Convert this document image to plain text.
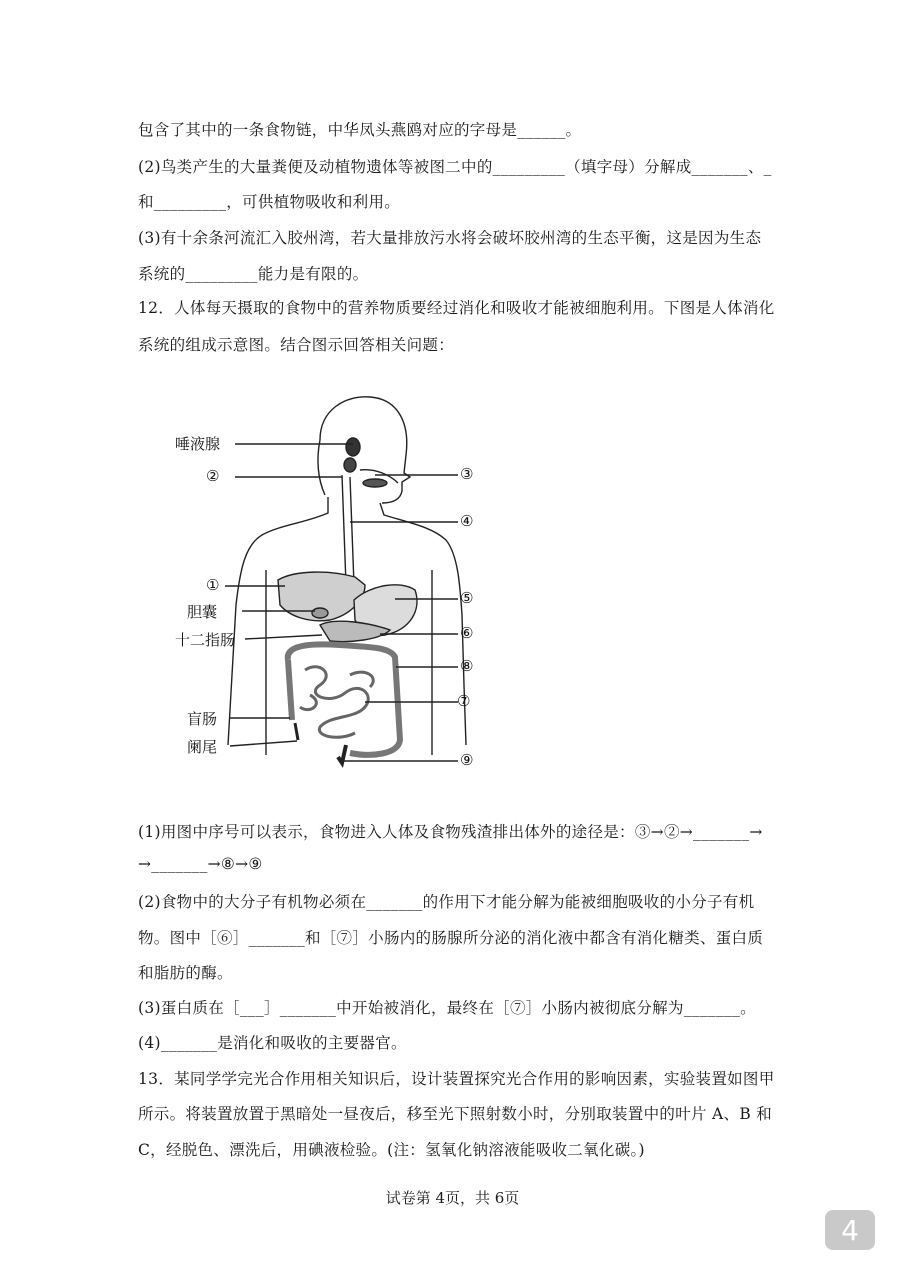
包含了其中的一条食物链，中华凤头燕鸥对应的字母是______。
(2)鸟类产生的大量粪便及动植物遗体等被图二中的_________（填字母）分解成_______、_
和_________，可供植物吸收和利用。
(3)有十余条河流汇入胶州湾，若大量排放污水将会破坏胶州湾的生态平衡，这是因为生态
系统的_________能力是有限的。
12．人体每天摄取的食物中的营养物质要经过消化和吸收才能被细胞利用。下图是人体消化
系统的组成示意图。结合图示回答相关问题：
唾液腺
②
①
胆囊
十二指肠
盲肠
阑尾
③
④
⑤
⑥
⑧
⑦
⑨
(1)用图中序号可以表示，食物进入人体及食物残渣排出体外的途径是：③→②→_______→
→_______→⑧→⑨
(2)食物中的大分子有机物必须在_______的作用下才能分解为能被细胞吸收的小分子有机
物。图中［⑥］_______和［⑦］小肠内的肠腺所分泌的消化液中都含有消化糖类、蛋白质
和脂肪的酶。
(3)蛋白质在［___］_______中开始被消化，最终在［⑦］小肠内被彻底分解为_______。
(4)_______是消化和吸收的主要器官。
13．某同学学完光合作用相关知识后，设计装置探究光合作用的影响因素，实验装置如图甲
所示。将装置放置于黑暗处一昼夜后，移至光下照射数小时，分别取装置中的叶片 A、B 和
C，经脱色、漂洗后，用碘液检验。(注：氢氧化钠溶液能吸收二氧化碳。)
试卷第 4页，共 6页
4
